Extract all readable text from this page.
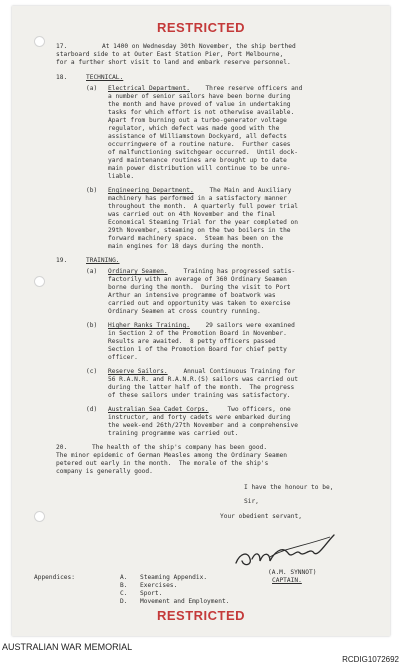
RESTRICTED
17.	At 1400 on Wednesday 30th November, the ship berthed
starboard side to at Outer East Station Pier, Port Melbourne,
for a further short visit to land and embark reserve personnel.
18.	TECHNICAL.
(a) Electrical Department. Three reserve officers and
a number of senior sailors have been borne during
the month and have proved of value in undertaking
tasks for which effort is not otherwise available.
Apart from burning out a turbo-generator voltage
regulator, which defect was made good with the
assistance of Williamstown Dockyard, all defects
occurringwere of a routine nature.  Further cases
of malfunctioning switchgear occurred.  Until dock-
yard maintenance routines are brought up to date
main power distribution will continue to be unre-
liable.
(b) Engineering Department. The Main and Auxiliary
machinery has performed in a satisfactory manner
throughout the month.  A quarterly full power trial
was carried out on 4th November and the final
Economical Steaming Trial for the year completed on
29th November, steaming on the two boilers in the
forward machinery space.  Steam has been on the
main engines for 18 days during the month.
19.	TRAINING.
(a) Ordinary Seamen. Training has progressed satis-
factorily with an average of 360 Ordinary Seamen
borne during the month.  During the visit to Port
Arthur an intensive programme of boatwork was
carried out and opportunity was taken to exercise
Ordinary Seamen at cross country running.
(b) Higher Ranks Training. 29 sailors were examined
in Section 2 of the Promotion Board in November.
Results are awaited.  8 petty officers passed
Section 1 of the Promotion Board for chief petty
officer.
(c) Reserve Sailors. Annual Continuous Training for
56 R.A.N.R. and R.A.N.R.(S) sailors was carried out
during the latter half of the month.  The progress
of these sailors under training was satisfactory.
(d) Australian Sea Cadet Corps. Two officers, one
instructor, and forty cadets were embarked during
the week-end 26th/27th November and a comprehensive
training programme was carried out.
20.	The health of the ship's company has been good.
The minor epidemic of German Measles among the Ordinary Seamen
petered out early in the month.  The morale of the ship's
company is generally good.
I have the honour to be,
Sir,
Your obedient servant,
(A.M. SYNNOT)
CAPTAIN.
Appendices:	A. Steaming Appendix.
B. Exercises.
C. Sport.
D. Movement and Employment.
RESTRICTED
AUSTRALIAN WAR MEMORIAL
RCDIG1072692
